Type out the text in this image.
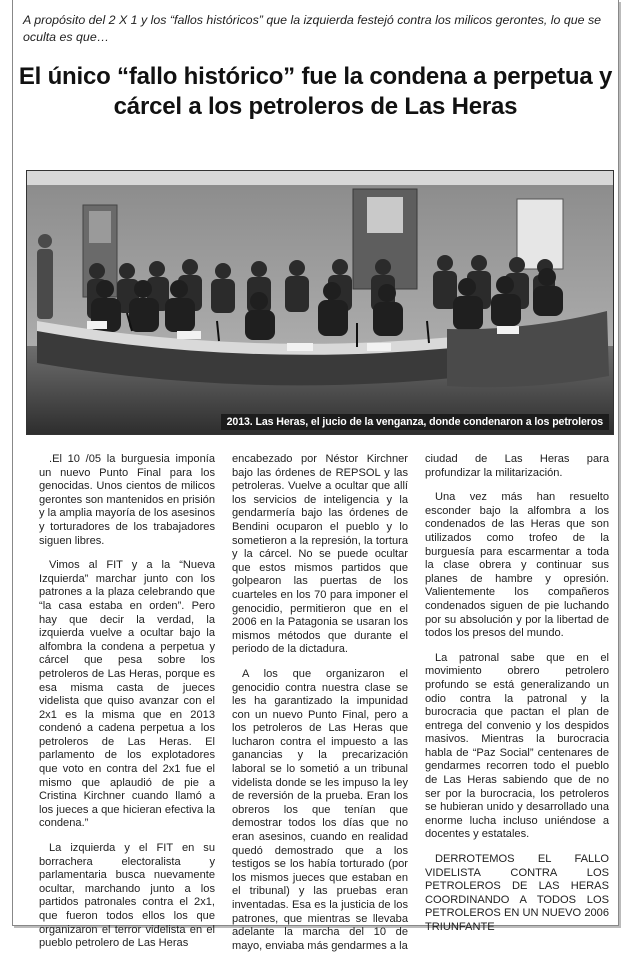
A propósito del 2 X 1 y los “fallos históricos” que la izquierda festejó contra los milicos gerontes, lo que se oculta es que…
El único “fallo histórico” fue la condena a perpetua y cárcel a los petroleros de Las Heras
2013. Las Heras, el jucio de la venganza, donde condenaron a los petroleros

.El 10 /05 la burguesia imponía un nuevo Punto Final para los genocidas. Unos cientos de milicos gerontes son mantenidos en prisión y la amplia mayoría de los asesinos y torturadores de los trabajadores siguen libres.

Vimos al FIT y a la “Nueva Izquierda” marchar junto con los patrones a la plaza celebrando que “la casa estaba en orden”. Pero hay que decir la verdad, la izquierda vuelve a ocultar bajo la alfombra la condena a perpetua y cárcel que pesa sobre los petroleros de Las Heras, porque es esa misma casta de jueces videlista que quiso avanzar con el 2x1 es la misma que en 2013 condenó a cadena perpetua a los petroleros de Las Heras. El parlamento de los explotadores que voto en contra del 2x1 fue el mismo que aplaudió de pie a Cristina Kirchner cuando llamó a los jueces a que hicieran efectiva la condena.”

La izquierda y el FIT en su borrachera electoralista y parlamentaria busca nuevamente ocultar, marchando junto a los partidos patronales contra el 2x1, que fueron todos ellos los que organizaron el terror videlista en el pueblo petrolero de Las Heras

encabezado por Néstor Kirchner bajo las órdenes de REPSOL y las petroleras. Vuelve a ocultar que allí los servicios de inteligencia y la gendarmería bajo las órdenes de Bendini ocuparon el pueblo y lo sometieron a la represión, la tortura y la cárcel. No se puede ocultar que estos mismos partidos que golpearon las puertas de los cuarteles en los 70 para imponer el genocidio, permitieron que en el 2006 en la Patagonia se usaran los mismos métodos que durante el periodo de la dictadura.

A los que organizaron el genocidio contra nuestra clase se les ha garantizado la impunidad con un nuevo Punto Final, pero a los petroleros de Las Heras que lucharon contra el impuesto a las ganancias y la precarización laboral se lo sometió a un tribunal videlista donde se les impuso la ley de reversión de la prueba. Eran los obreros los que tenían que demostrar todos los días que no eran asesinos, cuando en realidad quedó demostrado que a los testigos se los había torturado (por los mismos jueces que estaban en el tribunal) y las pruebas eran inventadas. Esa es la justicia de los patrones, que mientras se llevaba adelante la marcha del 10 de mayo, enviaba más gendarmes a la

ciudad de Las Heras para profundizar la militarización.

Una vez más han resuelto esconder bajo la alfombra a los condenados de las Heras que son utilizados como trofeo de la burguesía para escarmentar a toda la clase obrera y continuar sus planes de hambre y opresión. Valientemente los compañeros condenados siguen de pie luchando por su absolución y por la libertad de todos los presos del mundo.

La patronal sabe que en el movimiento obrero petrolero profundo se está generalizando un odio contra la patronal y la burocracia que pactan el plan de entrega del convenio y los despidos masivos. Mientras la burocracia habla de “Paz Social” centenares de gendarmes recorren todo el pueblo de Las Heras sabiendo que de no ser por la burocracia, los petroleros se hubieran unido y desarrollado una enorme lucha incluso uniéndose a docentes y estatales.

DERROTEMOS EL FALLO VIDELISTA CONTRA LOS PETROLEROS DE LAS HERAS COORDINANDO A TODOS LOS PETROLEROS EN UN NUEVO 2006 TRIUNFANTE
